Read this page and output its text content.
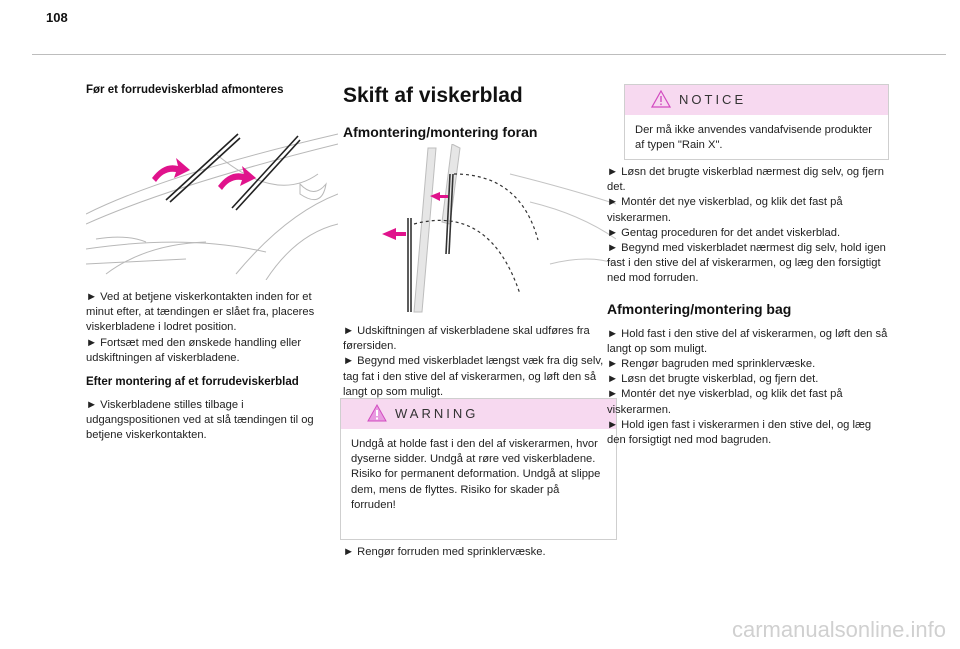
108
Før et forrudeviskerblad afmonteres

► Ved at betjene viskerkontakten inden for et minut efter, at tændingen er slået fra, placeres viskerbladene i lodret position.

► Fortsæt med den ønskede handling eller udskiftningen af viskerbladene.

Efter montering af et forrudeviskerblad

► Viskerbladene stilles tilbage i udgangspositionen ved at slå tændingen til og betjene viskerkontakten.

Skift af viskerblad
Afmontering/montering foran

► Udskiftningen af viskerbladene skal udføres fra førersiden.

► Begynd med viskerbladet længst væk fra dig selv, tag fat i den stive del af viskerarmen, og løft den så langt op som muligt.

WARNING

Undgå at holde fast i den del af viskerarmen, hvor dyserne sidder. Undgå at røre ved viskerbladene. Risiko for permanent deformation. Undgå at slippe dem, mens de flyttes. Risiko for skader på forruden!

► Rengør forruden med sprinklervæske.

NOTICE

Der må ikke anvendes vandafvisende produkter af typen "Rain X".

► Løsn det brugte viskerblad nærmest dig selv, og fjern det.

► Montér det nye viskerblad, og klik det fast på viskerarmen.

► Gentag proceduren for det andet viskerblad.

► Begynd med viskerbladet nærmest dig selv, hold igen fast i den stive del af viskerarmen, og læg den forsigtigt ned mod forruden.

Afmontering/montering bag

► Hold fast i den stive del af viskerarmen, og løft den så langt op som muligt.

► Rengør bagruden med sprinklervæske.

► Løsn det brugte viskerblad, og fjern det.

► Montér det nye viskerblad, og klik det fast på viskerarmen.

► Hold igen fast i viskerarmen i den stive del, og læg den forsigtigt ned mod bagruden.

carmanualsonline.info
